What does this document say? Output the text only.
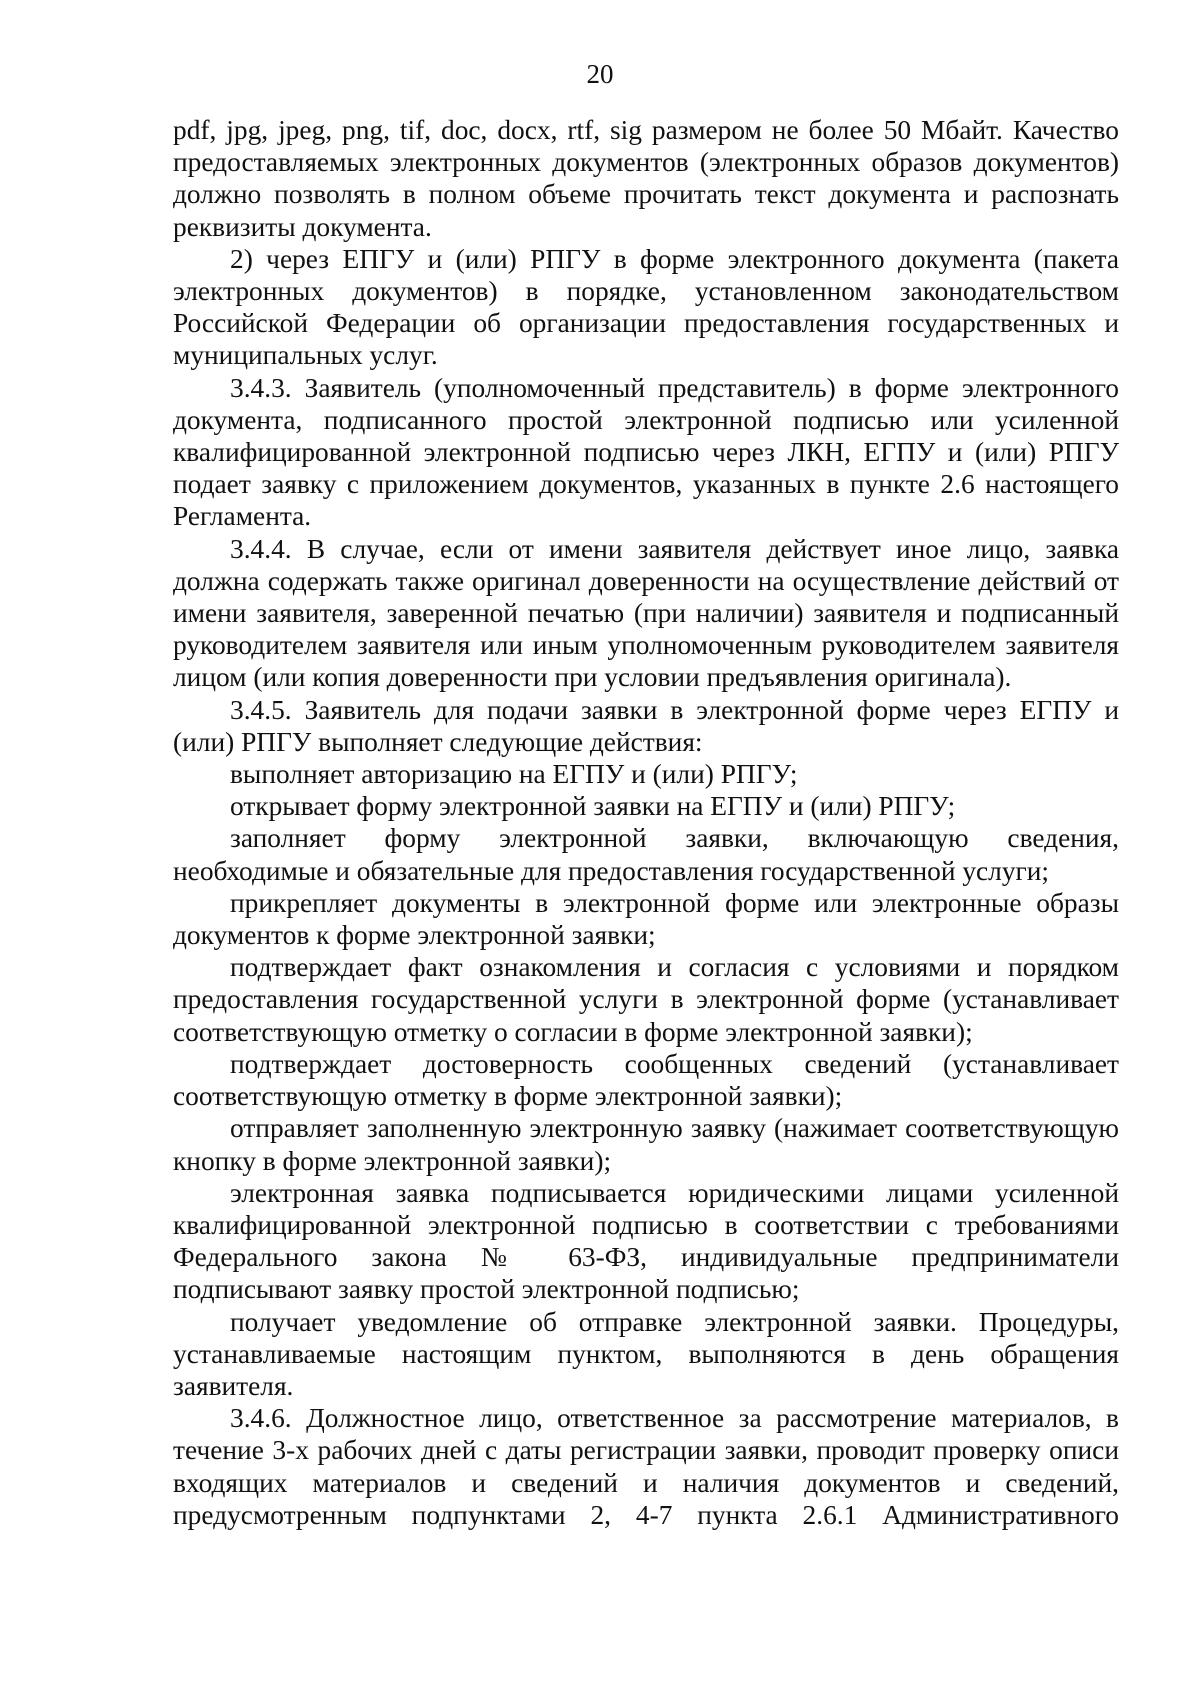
20

pdf, jpg, jpeg, png, tif, doc, docx, rtf, sig размером не более 50 Мбайт. Качество предоставляемых электронных документов (электронных образов документов) должно позволять в полном объеме прочитать текст документа и распознать реквизиты документа.

2) через ЕПГУ и (или) РПГУ в форме электронного документа (пакета электронных документов) в порядке, установленном законодательством Российской Федерации об организации предоставления государственных и муниципальных услуг.

3.4.3. Заявитель (уполномоченный представитель) в форме электронного документа, подписанного простой электронной подписью или усиленной квалифицированной электронной подписью через ЛКН, ЕГПУ и (или) РПГУ подает заявку с приложением документов, указанных в пункте 2.6 настоящего Регламента.

3.4.4. В случае, если от имени заявителя действует иное лицо, заявка должна содержать также оригинал доверенности на осуществление действий от имени заявителя, заверенной печатью (при наличии) заявителя и подписанный руководителем заявителя или иным уполномоченным руководителем заявителя лицом (или копия доверенности при условии предъявления оригинала).

3.4.5. Заявитель для подачи заявки в электронной форме через ЕГПУ и (или) РПГУ выполняет следующие действия:

выполняет авторизацию на ЕГПУ и (или) РПГУ;

открывает форму электронной заявки на ЕГПУ и (или) РПГУ;

заполняет форму электронной заявки, включающую сведения, необходимые и обязательные для предоставления государственной услуги;

прикрепляет документы в электронной форме или электронные образы документов к форме электронной заявки;

подтверждает факт ознакомления и согласия с условиями и порядком предоставления государственной услуги в электронной форме (устанавливает соответствующую отметку о согласии в форме электронной заявки);

подтверждает достоверность сообщенных сведений (устанавливает соответствующую отметку в форме электронной заявки);

отправляет заполненную электронную заявку (нажимает соответствующую кнопку в форме электронной заявки);

электронная заявка подписывается юридическими лицами усиленной квалифицированной электронной подписью в соответствии с требованиями Федерального закона № 63-ФЗ, индивидуальные предприниматели подписывают заявку простой электронной подписью;

получает уведомление об отправке электронной заявки. Процедуры, устанавливаемые настоящим пунктом, выполняются в день обращения заявителя.

3.4.6. Должностное лицо, ответственное за рассмотрение материалов, в течение 3-х рабочих дней с даты регистрации заявки, проводит проверку описи входящих материалов и сведений и наличия документов и сведений, предусмотренным подпунктами 2, 4-7 пункта 2.6.1 Административного
